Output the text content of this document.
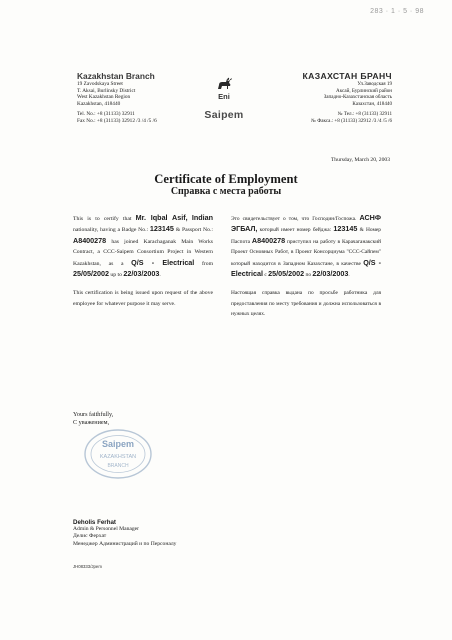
283 · 1 · 5 · 98
Kazakhstan Branch
19 Zavodskaya Street
T. Aksai, Burlinsky District
West Kazakhstan Region
Kazakhstan, 418440
Tel. No.: +8 (31133) 32911
Fax No.: +8 (31133) 32912 /3 /4 /5 /6
Eni
Saipem
КАЗАХСТАН БРАНЧ
Ул.Заводская 19
Аксай, Бурлинский район
Западно-Казахстанская область
Казахстан, 418440
№ Тел.: +8 (31133) 32911
№ Факса.: +8 (31133) 32912 /3 /4 /5 /6
Thursday, March 20, 2003
Certificate of Employment
Справка с места работы

This is to certify that Mr. Iqbal Asif, Indian nationality, having a Badge No.: 123145 & Passport No.: A8400278 has joined Karachaganak Main Works Contract, a CCC-Saipem Consortium Project in Western Kazakhstan, as a Q/S - Electrical from 25/05/2002 up to 22/03/2003.

This certification is being issued upon request of the above employee for whatever purpose it may serve.

Это свидетельствует о том, что Господин/Госпожа. АСНФ ЭГБАЛ, который имеет номер бейджа: 123145 & Номер Паспота A8400278 приступил на работу в Карачаганакский Проект Основных Работ, в Проект Консорциума "ССС-Сайпем" который находится в Западном Казахстане, в качестве Q/S - Electrical с 25/05/2002 по 22/03/2003.

Настоящая справка выдана по просьбе работника для предоставления по месту требования и должна использоваться в нужных целях.

Yours faithfully,
С уважением,
Saipem
KAZAKHSTAN
BRANCH
Deholis Ferhat
Admin & Personnel Manager
Делис Ферхат
Менеджер Администраций и по Персоналу
JH08333/Jpem
